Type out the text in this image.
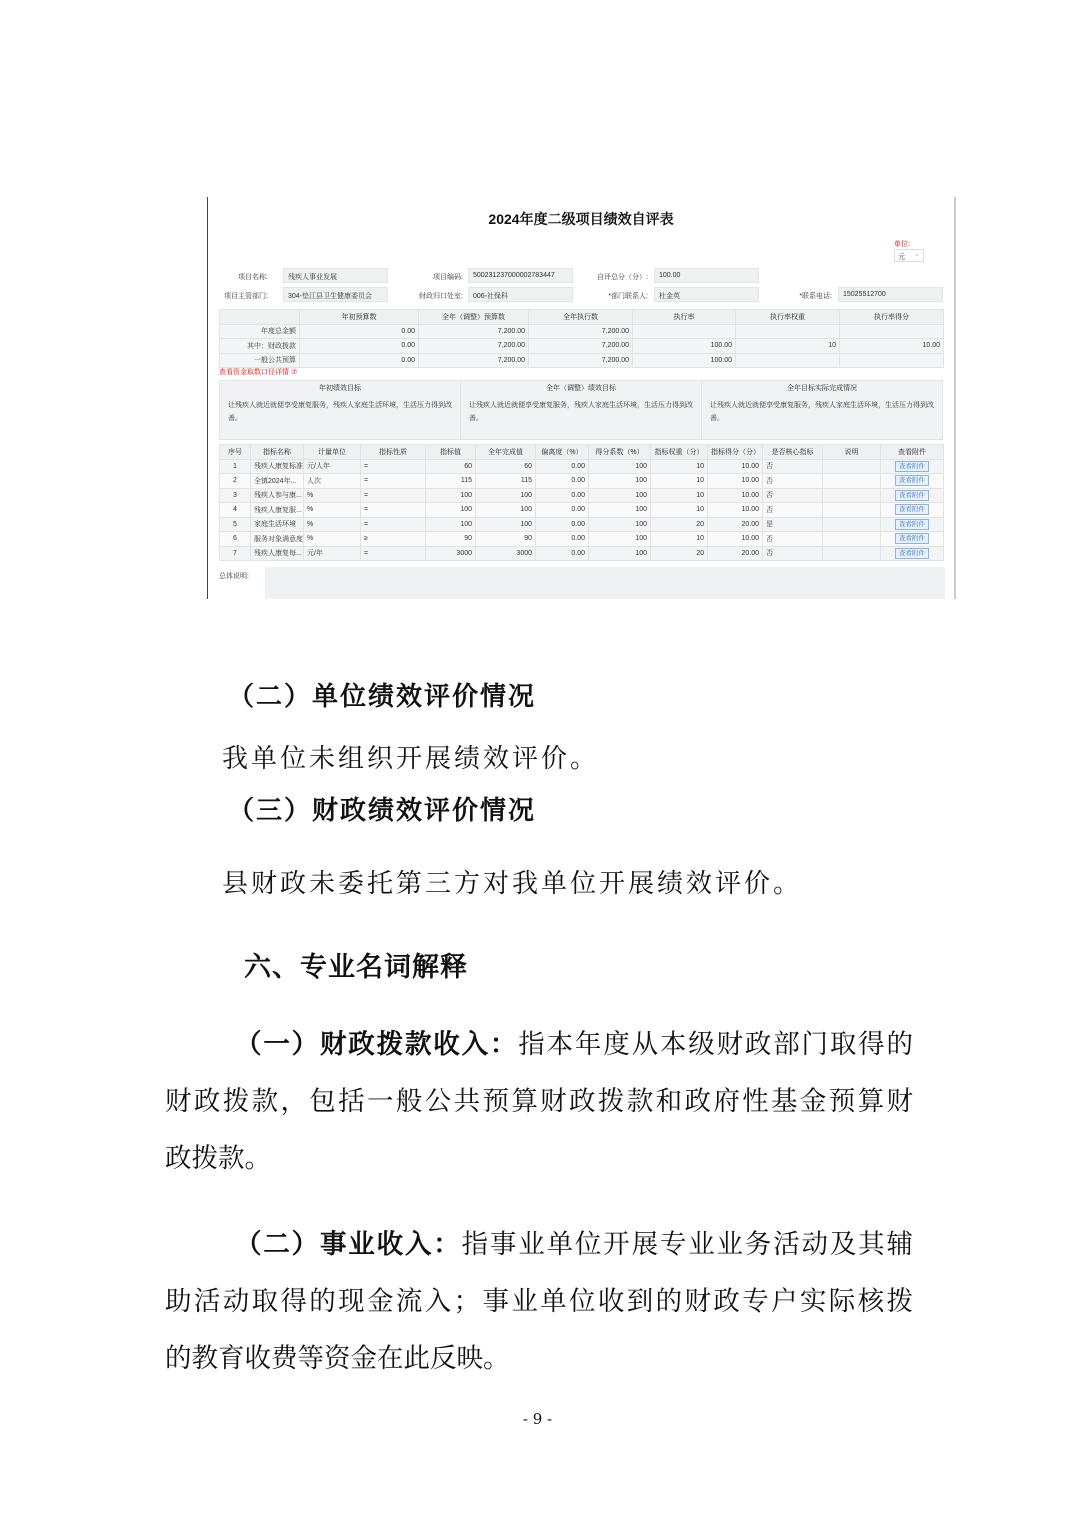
2024年度二级项目绩效自评表
单位:
元 ⌄
项目名称:	残疾人事业发展	项目编码:	500231237000002783447	自评总分（分）:	100.00
项目主管部门:	304-垫江县卫生健康委员会	财政归口处室:	006-社保科	*部门联系人:	杜金英	*联系电话:	15025512700
	年初预算数	全年（调整）预算数	全年执行数	执行率	执行率权重	执行率得分
年度总金额	0.00	7,200.00	7,200.00			
其中：财政拨款	0.00	7,200.00	7,200.00	100.00	10	10.00
一般公共预算	0.00	7,200.00	7,200.00	100.00		
查看资金取数口径详情 ⑦
年初绩效目标

让残疾人就近就便享受康复服务，残疾人家庭生活环境，生活压力得到改善。

全年（调整）绩效目标

让残疾人就近就便享受康复服务，残疾人家庭生活环境，生活压力得到改善。

全年目标实际完成情况

让残疾人就近就便享受康复服务，残疾人家庭生活环境，生活压力得到改善。

序号	指标名称	计量单位	指标性质	指标值	全年完成值	偏离度（%）	得分系数（%）	指标权重（分）	指标得分（分）	是否核心指标	说明	查看附件
1	残疾人康复标准	元/人年	=	60	60	0.00	100	10	10.00	否		查看附件
2	全镇2024年...	人次	=	115	115	0.00	100	10	10.00	否		查看附件
3	残疾人参与康...	%	=	100	100	0.00	100	10	10.00	否		查看附件
4	残疾人康复服...	%	=	100	100	0.00	100	10	10.00	否		查看附件
5	家庭生活环境	%	=	100	100	0.00	100	20	20.00	是		查看附件
6	服务对象满意度	%	≥	90	90	0.00	100	10	10.00	否		查看附件
7	残疾人康复每...	元/年	=	3000	3000	0.00	100	20	20.00	否		查看附件
总体说明:
（二）单位绩效评价情况
我单位未组织开展绩效评价。
（三）财政绩效评价情况
县财政未委托第三方对我单位开展绩效评价。
六、专业名词解释
（一）财政拨款收入：指本年度从本级财政部门取得的
财政拨款，包括一般公共预算财政拨款和政府性基金预算财
政拨款。
（二）事业收入：指事业单位开展专业业务活动及其辅
助活动取得的现金流入；事业单位收到的财政专户实际核拨
的教育收费等资金在此反映。
- 9 -
